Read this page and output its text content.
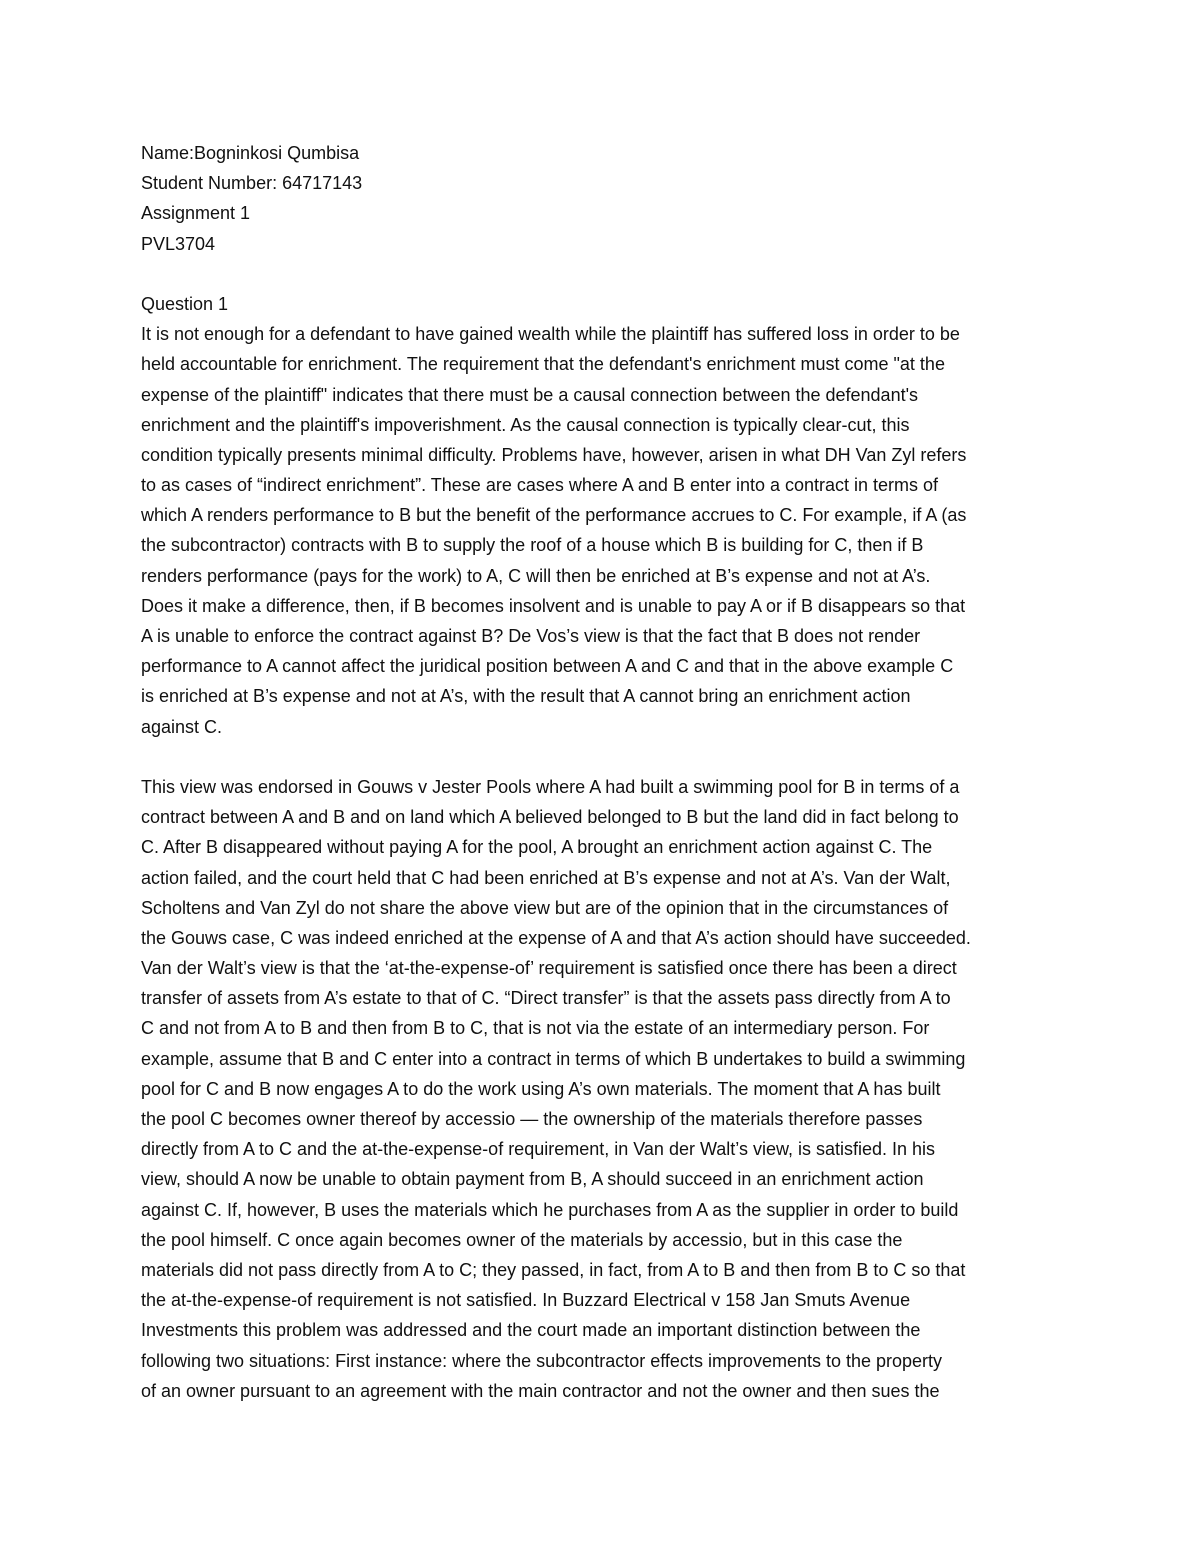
Name:Bogninkosi Qumbisa
Student Number: 64717143
Assignment 1
PVL3704
Question 1
It is not enough for a defendant to have gained wealth while the plaintiff has suffered loss in order to be
held accountable for enrichment. The requirement that the defendant's enrichment must come "at the
expense of the plaintiff" indicates that there must be a causal connection between the defendant's
enrichment and the plaintiff's impoverishment. As the causal connection is typically clear-cut, this
condition typically presents minimal difficulty. Problems have, however, arisen in what DH Van Zyl refers
to as cases of “indirect enrichment”. These are cases where A and B enter into a contract in terms of
which A renders performance to B but the benefit of the performance accrues to C. For example, if A (as
the subcontractor) contracts with B to supply the roof of a house which B is building for C, then if B
renders performance (pays for the work) to A, C will then be enriched at B’s expense and not at A’s.
Does it make a difference, then, if B becomes insolvent and is unable to pay A or if B disappears so that
A is unable to enforce the contract against B? De Vos’s view is that the fact that B does not render
performance to A cannot affect the juridical position between A and C and that in the above example C
is enriched at B’s expense and not at A’s, with the result that A cannot bring an enrichment action
against C.
This view was endorsed in Gouws v Jester Pools where A had built a swimming pool for B in terms of a
contract between A and B and on land which A believed belonged to B but the land did in fact belong to
C. After B disappeared without paying A for the pool, A brought an enrichment action against C. The
action failed, and the court held that C had been enriched at B’s expense and not at A’s. Van der Walt,
Scholtens and Van Zyl do not share the above view but are of the opinion that in the circumstances of
the Gouws case, C was indeed enriched at the expense of A and that A’s action should have succeeded.
Van der Walt’s view is that the ‘at-the-expense-of’ requirement is satisfied once there has been a direct
transfer of assets from A’s estate to that of C. “Direct transfer” is that the assets pass directly from A to
C and not from A to B and then from B to C, that is not via the estate of an intermediary person. For
example, assume that B and C enter into a contract in terms of which B undertakes to build a swimming
pool for C and B now engages A to do the work using A’s own materials. The moment that A has built
the pool C becomes owner thereof by accessio — the ownership of the materials therefore passes
directly from A to C and the at-the-expense-of requirement, in Van der Walt’s view, is satisfied. In his
view, should A now be unable to obtain payment from B, A should succeed in an enrichment action
against C. If, however, B uses the materials which he purchases from A as the supplier in order to build
the pool himself. C once again becomes owner of the materials by accessio, but in this case the
materials did not pass directly from A to C; they passed, in fact, from A to B and then from B to C so that
the at-the-expense-of requirement is not satisfied. In Buzzard Electrical v 158 Jan Smuts Avenue
Investments this problem was addressed and the court made an important distinction between the
following two situations: First instance: where the subcontractor effects improvements to the property
of an owner pursuant to an agreement with the main contractor and not the owner and then sues the
